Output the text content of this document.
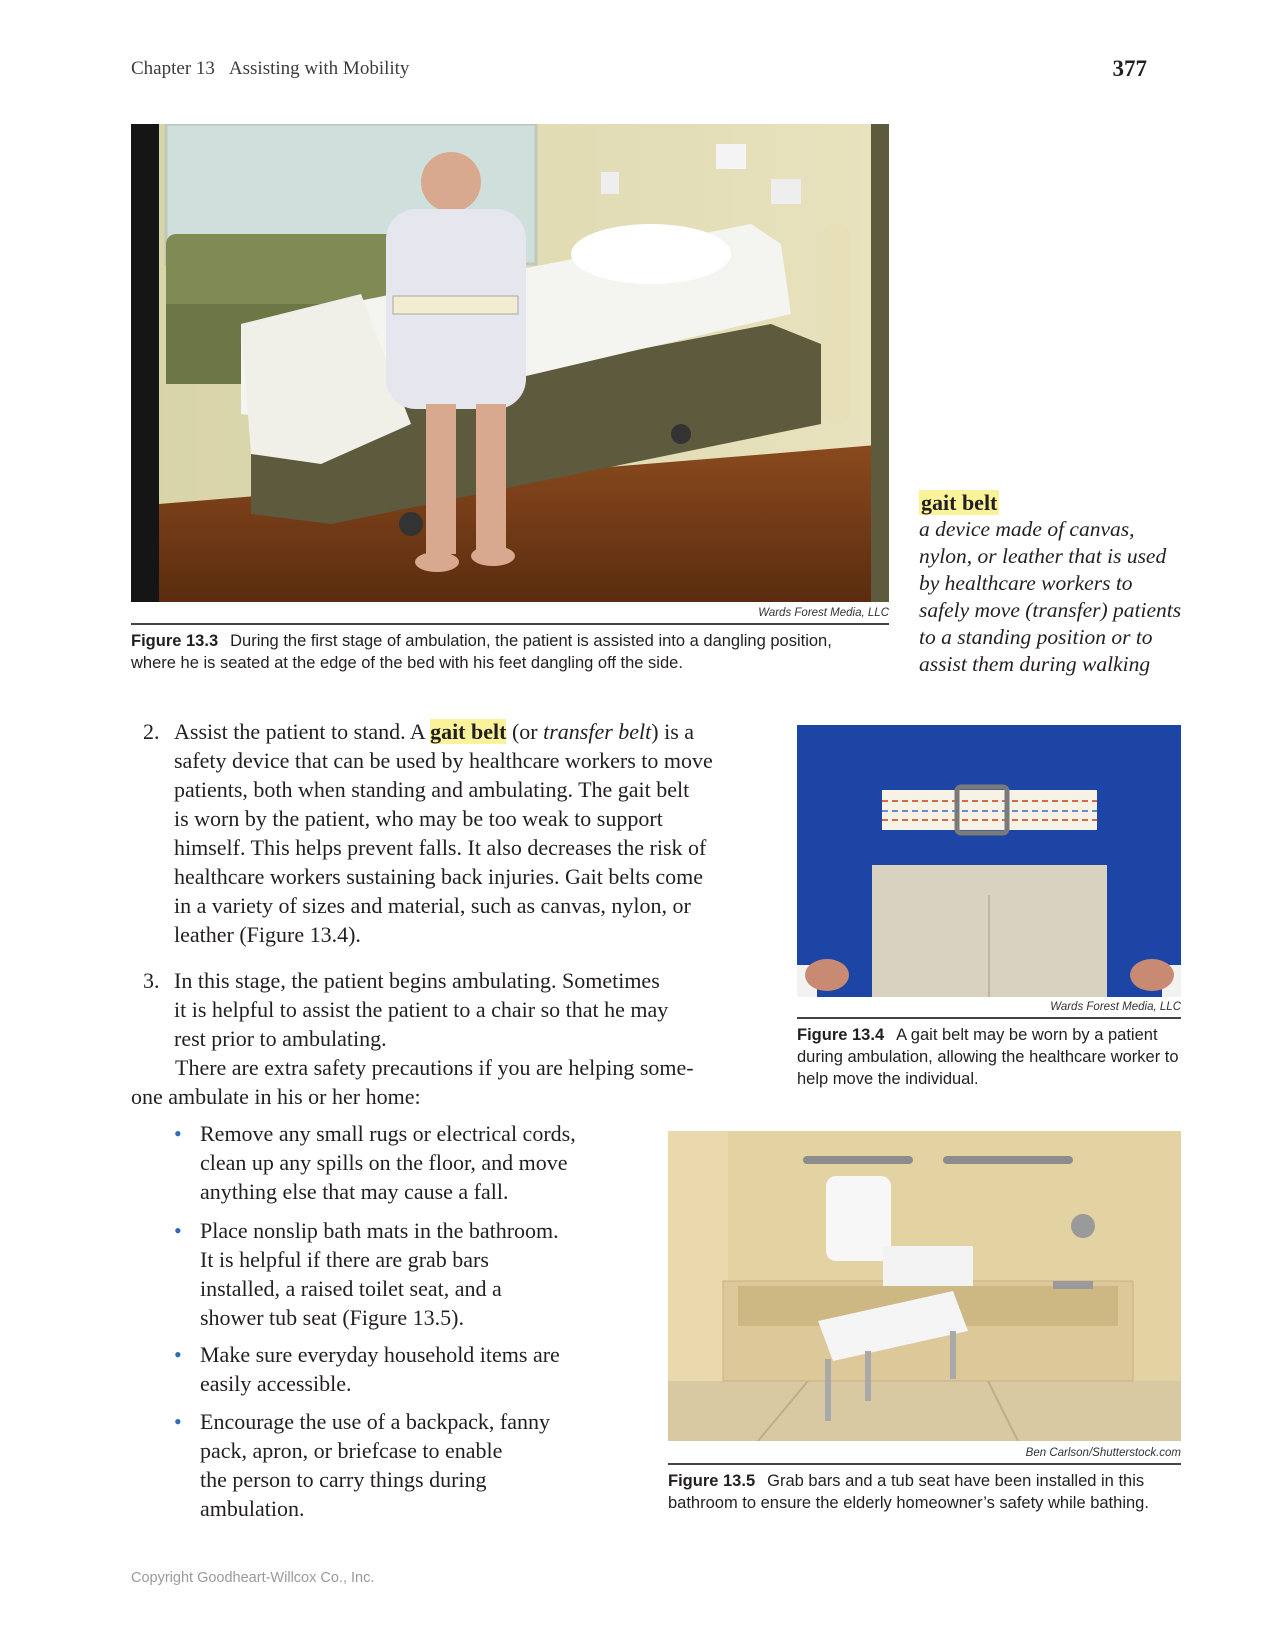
Chapter 13 Assisting with Mobility	377
Wards Forest Media, LLC
Figure 13.3 During the first stage of ambulation, the patient is assisted into a dangling position, where he is seated at the edge of the bed with his feet dangling off the side.
gait belt
a device made of canvas,
nylon, or leather that is used
by healthcare workers to
safely move (transfer) patients
to a standing position or to
assist them during walking
2. Assist the patient to stand. A gait belt (or transfer belt) is a
safety device that can be used by healthcare workers to move
patients, both when standing and ambulating. The gait belt
is worn by the patient, who may be too weak to support
himself. This helps prevent falls. It also decreases the risk of
healthcare workers sustaining back injuries. Gait belts come
in a variety of sizes and material, such as canvas, nylon, or
leather (Figure 13.4).
3. In this stage, the patient begins ambulating. Sometimes
it is helpful to assist the patient to a chair so that he may
rest prior to ambulating.
There are extra safety precautions if you are helping some-
one ambulate in his or her home:
• Remove any small rugs or electrical cords,
clean up any spills on the floor, and move
anything else that may cause a fall.
• Place nonslip bath mats in the bathroom.
It is helpful if there are grab bars
installed, a raised toilet seat, and a
shower tub seat (Figure 13.5).
• Make sure everyday household items are
easily accessible.
• Encourage the use of a backpack, fanny
pack, apron, or briefcase to enable
the person to carry things during
ambulation.
Wards Forest Media, LLC
Figure 13.4 A gait belt may be worn by a patient during ambulation, allowing the healthcare worker to help move the individual.
Ben Carlson/Shutterstock.com
Figure 13.5 Grab bars and a tub seat have been installed in this bathroom to ensure the elderly homeowner’s safety while bathing.
Copyright Goodheart-Willcox Co., Inc.
